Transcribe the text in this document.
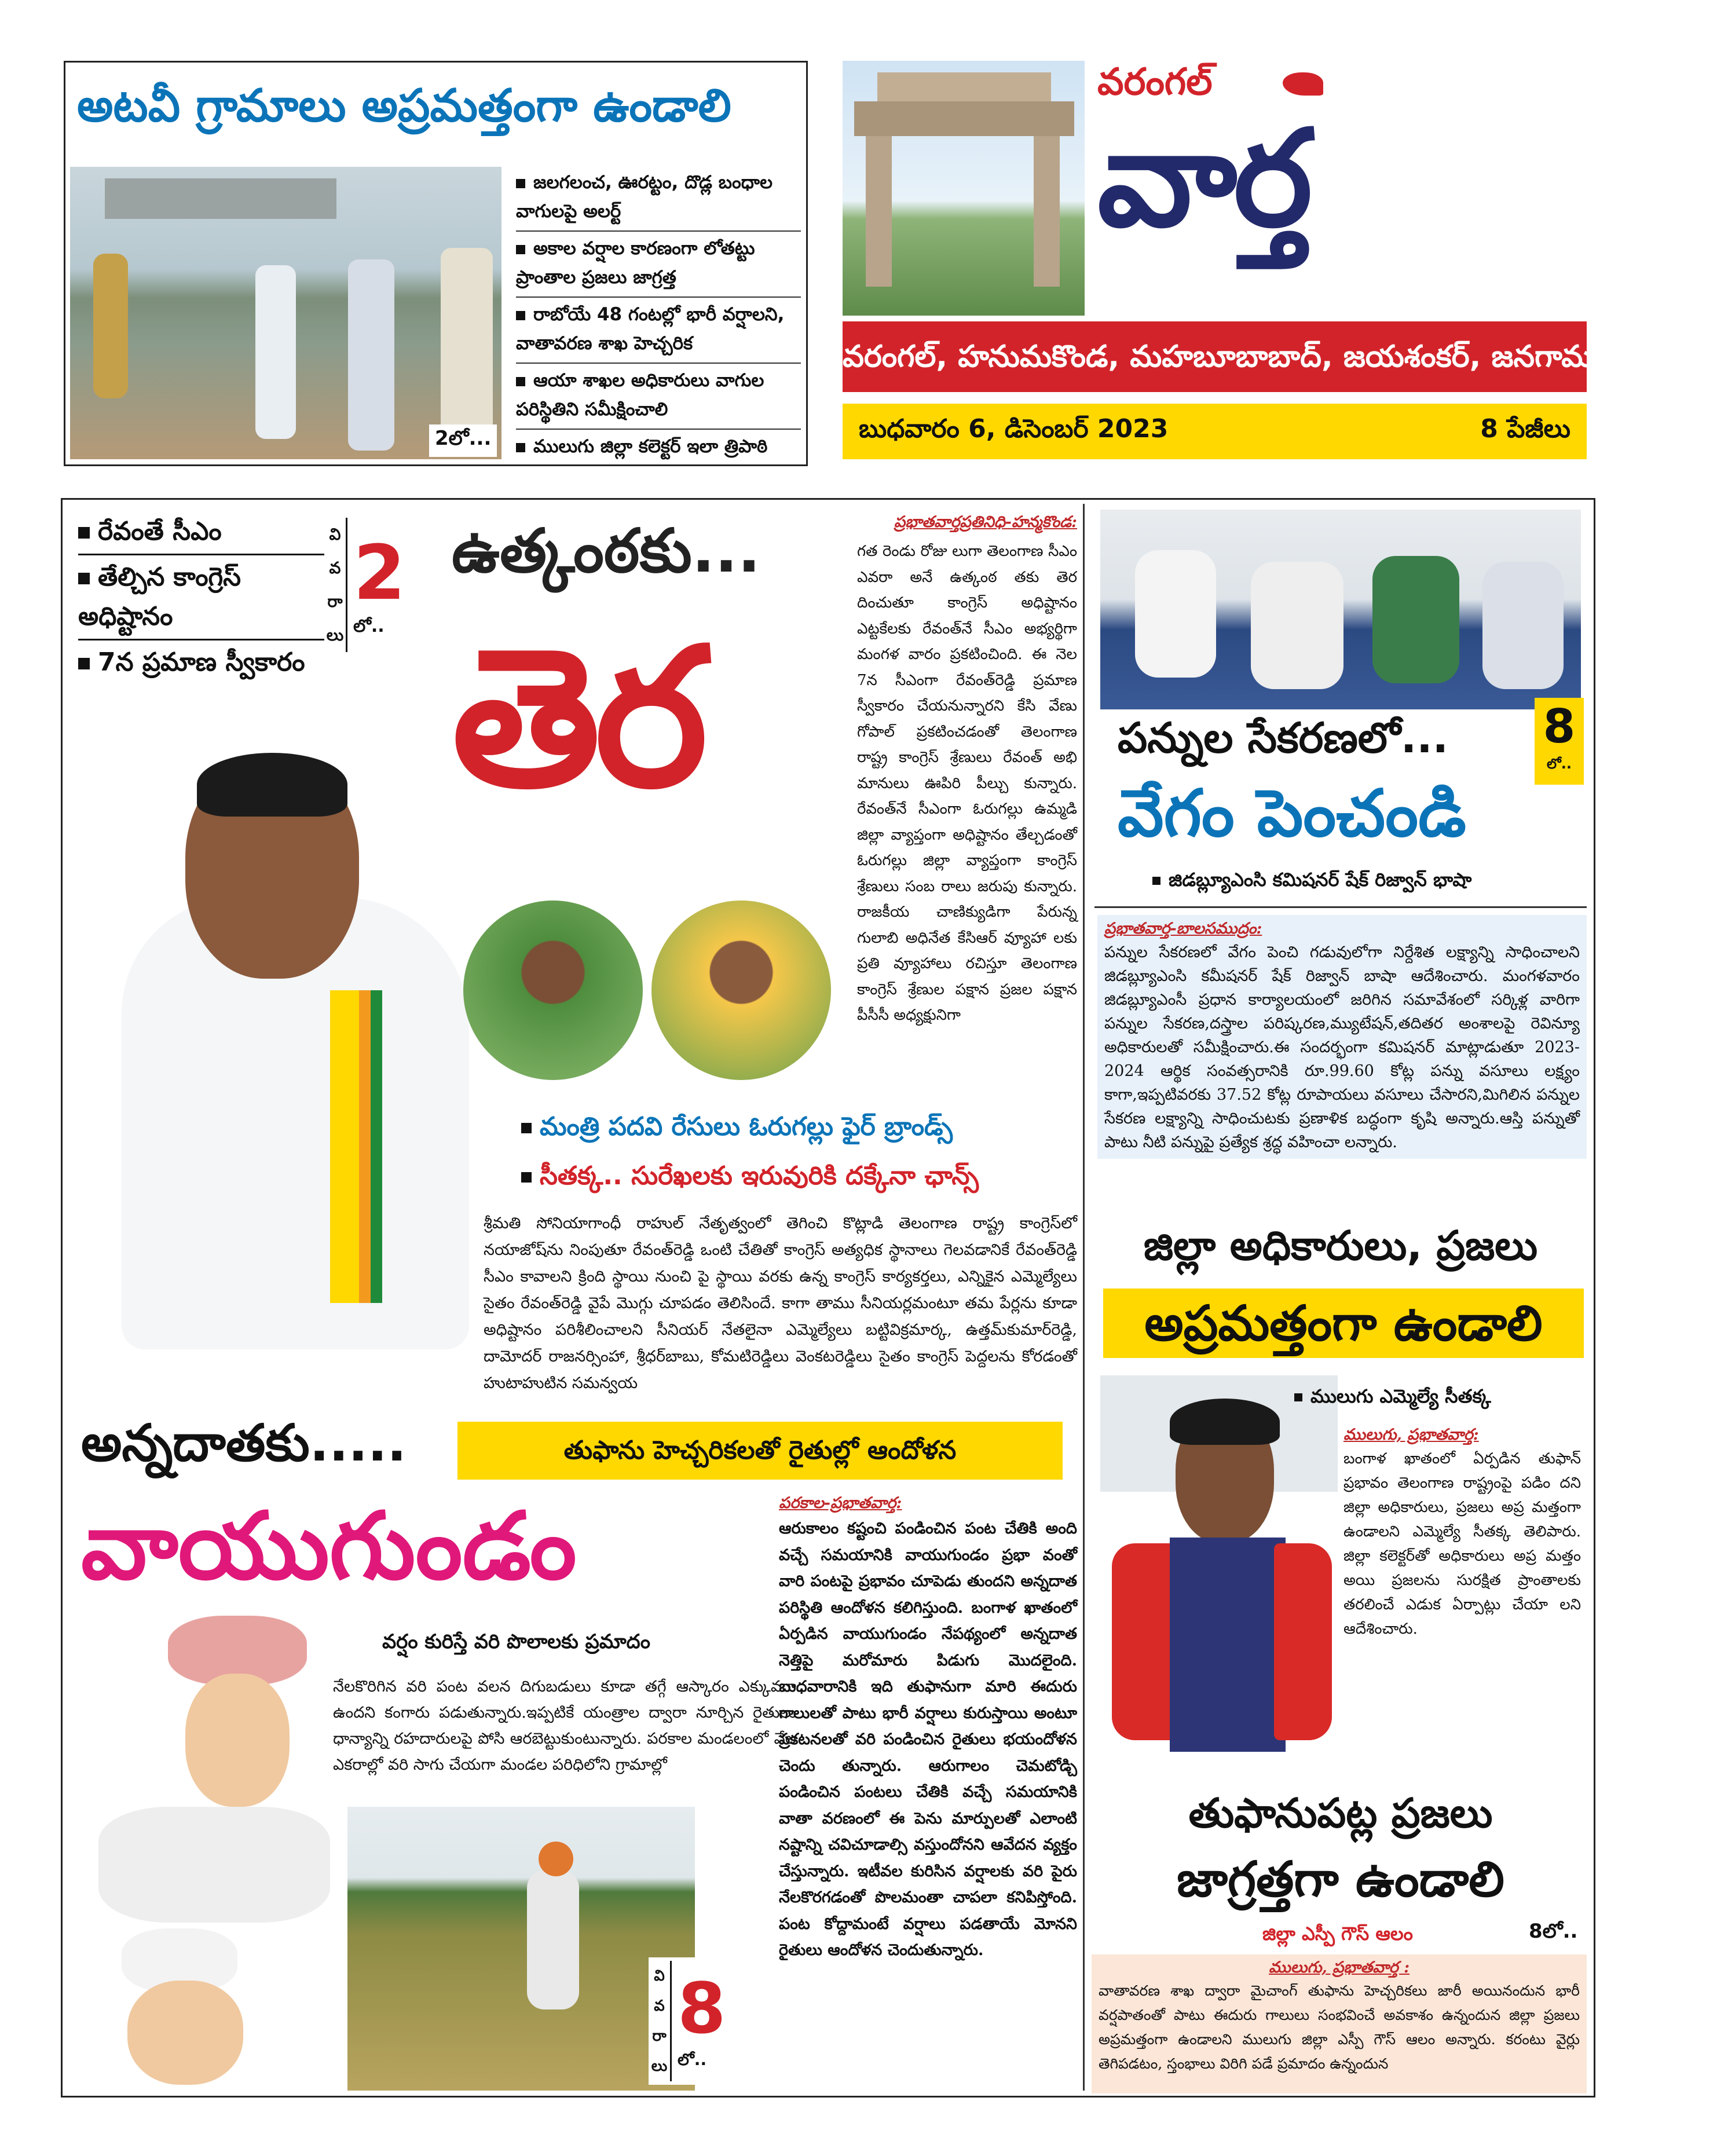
అటవీ గ్రామాలు అప్రమత్తంగా ఉండాలి
2లో...
జలగలంచ, ఊరట్టం, దొడ్ల బంధాల వాగులపై అలర్ట్
అకాల వర్షాల కారణంగా లోతట్టు ప్రాంతాల ప్రజలు జాగ్రత్త
రాబోయే 48 గంటల్లో భారీ వర్షాలని, వాతావరణ శాఖ హెచ్చరిక
ఆయా శాఖల అధికారులు వాగుల పరిస్థితిని సమీక్షించాలి
ములుగు జిల్లా కలెక్టర్ ఇలా త్రిపాఠి
వరంగల్
వార్త
వరంగల్, హనుమకొండ, మహబూబాబాద్, జయశంకర్, జనగామ, ములుగు
బుధవారం 6, డిసెంబర్ 2023	8 పేజీలు
రేవంతే సీఎం
తేల్చిన కాంగ్రెస్ అధిష్టానం
7న ప్రమాణ స్వీకారం
వి
వ
రా
లు
2
లో..
ఉత్కంఠకు...
తెర
ప్రభాతవార్తప్రతినిధి-హన్మకొండ:
గత రెండు రోజు లుగా తెలంగాణ సీఎం ఎవరా అనే ఉత్కంఠ తకు తెర దించుతూ కాంగ్రెస్ అధిష్టానం ఎట్టకేలకు రేవంత్‌నే సీఎం అభ్యర్థిగా మంగళ వారం ప్రకటించింది. ఈ నెల 7న సీఎంగా రేవంత్‌రెడ్డి ప్రమాణ స్వీకారం చేయనున్నారని కేసి వేణు గోపాల్ ప్రకటించడంతో తెలంగాణ రాష్ట్ర కాంగ్రెస్ శ్రేణులు రేవంత్ అభి మానులు ఊపిరి పీల్చు కున్నారు. రేవంత్‌నే సీఎంగా ఓరుగల్లు ఉమ్మడి జిల్లా వ్యాప్తంగా అధిష్టానం తేల్చడంతో ఓరుగల్లు జిల్లా వ్యాప్తంగా కాంగ్రెస్ శ్రేణులు సంబ రాలు జరుపు కున్నారు. రాజకీయ చాణిక్యుడిగా పేరున్న గులాబి అధినేత కేసిఆర్ వ్యూహా లకు ప్రతి వ్యూహాలు రచిస్తూ తెలంగాణ కాంగ్రెస్ శ్రేణుల పక్షాన ప్రజల పక్షాన పీసీసీ అధ్యక్షునిగా
మంత్రి పదవి రేసులు ఓరుగల్లు ఫైర్ బ్రాండ్స్
సీతక్క.. సురేఖలకు ఇరువురికి దక్కేనా ఛాన్స్
శ్రీమతి సోనియాగాంధీ రాహుల్ నేతృత్వంలో తెగించి కొట్లాడి తెలంగాణ రాష్ట్ర కాంగ్రెస్‌లో నయాజోష్‌ను నింపుతూ రేవంత్‌రెడ్డి ఒంటి చేతితో కాంగ్రెస్ అత్యధిక స్థానాలు గెలవడానికే రేవంత్‌రెడ్డి సీఎం కావాలని క్రింది స్థాయి నుంచి పై స్థాయి వరకు ఉన్న కాంగ్రెస్ కార్యకర్తలు, ఎన్నికైన ఎమ్మెల్యేలు సైతం రేవంత్‌రెడ్డి వైపే మొగ్గు చూపడం తెలిసిందే. కాగా తాము సీనియర్లమంటూ తమ పేర్లను కూడా అధిష్టానం పరిశీలించాలని సీనియర్ నేతలైనా ఎమ్మెల్యేలు బట్టివిక్రమార్క, ఉత్తమ్‌కుమార్‌రెడ్డి, దామోదర్ రాజనర్సింహా, శ్రీధర్‌బాబు, కోమటిరెడ్డిలు వెంకటరెడ్డిలు సైతం కాంగ్రెస్ పెద్దలను కోరడంతో హుటాహుటిన సమన్వయ
అన్నదాతకు.....	తుఫాను హెచ్చరికలతో రైతుల్లో ఆందోళన
వాయుగుండం
వర్షం కురిస్తే వరి పొలాలకు ప్రమాదం
నేలకొరిగిన వరి పంట వలన దిగుబడులు కూడా తగ్గే ఆస్కారం ఎక్కువగా ఉందని కంగారు పడుతున్నారు.ఇప్పటికే యంత్రాల ద్వారా నూర్చిన రైతులు ధాన్యాన్ని రహదారులపై పోసి ఆరబెట్టుకుంటున్నారు. పరకాల మండలంలో వేల ఎకరాల్లో వరి సాగు చేయగా మండల పరిధిలోని గ్రామాల్లో
వి
వ
రా
లు
8
లో..
పరకాల-ప్రభాతవార్త:
ఆరుకాలం కష్టంచి పండించిన పంట చేతికి అంది వచ్చే సమయానికి వాయుగుండం ప్రభా వంతో వారి పంటపై ప్రభావం చూపెడు తుందని అన్నదాత పరిస్థితి ఆందోళన కలిగిస్తుంది. బంగాళ ఖాతంలో ఏర్పడిన వాయుగుండం నేపథ్యంలో అన్నదాత నెత్తిపై మరోమారు పిడుగు మొదలైంది. బుధవారానికి ఇది తుఫానుగా మారి ఈదురు గాలులతో పాటు భారీ వర్షాలు కురుస్తాయి అంటూ ప్రకటనలతో వరి పండించిన రైతులు భయందోళన చెందు తున్నారు. ఆరుగాలం చెమటోడ్చి పండించిన పంటలు చేతికి వచ్చే సమయానికి వాతా వరణంలో ఈ పెను మార్పులతో ఎలాంటి నష్టాన్ని చవిచూడాల్సి వస్తుందోనని ఆవేదన వ్యక్తం చేస్తున్నారు. ఇటీవల కురిసిన వర్షాలకు వరి పైరు నేలకొరగడంతో పొలమంతా చాపలా కనిపిస్తోంది. పంట కోద్దామంటే వర్షాలు పడతాయే మోనని రైతులు ఆందోళన చెందుతున్నారు.
పన్నుల సేకరణలో... 8
లో..
వేగం పెంచండి
జిడబ్ల్యూఎంసి కమిషనర్ షేక్ రిజ్వాన్ భాషా
ప్రభాతవార్త-బాలసముద్రం:
పన్నుల సేకరణలో వేగం పెంచి గడువులోగా నిర్దేశిత లక్ష్యాన్ని సాధించాలని జిడబ్ల్యూఎంసి కమీషనర్ షేక్ రిజ్వాన్ బాషా ఆదేశించారు. మంగళవారం జిడబ్ల్యూఎంసీ ప్రధాన కార్యాలయంలో జరిగిన సమావేశంలో సర్కిళ్ల వారిగా పన్నుల సేకరణ,దస్త్రాల పరిష్కరణ,మ్యుటేషన్,తదితర అంశాలపై రెవిన్యూ అధికారులతో సమీక్షించారు.ఈ సందర్భంగా కమిషనర్ మాట్లాడుతూ 2023-2024 ఆర్థిక సంవత్సరానికి రూ.99.60 కోట్ల పన్ను వసూలు లక్ష్యం కాగా,ఇప్పటివరకు 37.52 కోట్ల రూపాయలు వసూలు చేసారని,మిగిలిన పన్నుల సేకరణ లక్ష్యాన్ని సాధించుటకు ప్రణాళిక బద్ధంగా కృషి అన్నారు.ఆస్తి పన్నుతో పాటు నీటి పన్నుపై ప్రత్యేక శ్రద్ధ వహించా లన్నారు.
జిల్లా అధికారులు, ప్రజలు
అప్రమత్తంగా ఉండాలి
ములుగు ఎమ్మెల్యే సీతక్క
ములుగు, ప్రభాతవార్త:
బంగాళ ఖాతంలో ఏర్పడిన తుఫాన్ ప్రభావం తెలంగాణ రాష్ట్రంపై పడిం దని జిల్లా అధికారులు, ప్రజలు అప్ర మత్తంగా ఉండాలని ఎమ్మెల్యే సీతక్క తెలిపారు. జిల్లా కలెక్టర్‌తో అధికారులు అప్ర మత్తం అయి ప్రజలను సురక్షిత ప్రాంతాలకు తరలించే ఎడుక ఏర్పాట్లు చేయా లని ఆదేశించారు.
తుఫానుపట్ల ప్రజలు
జాగ్రత్తగా ఉండాలి
జిల్లా ఎస్పీ గౌస్ ఆలం	8లో..
ములుగు, ప్రభాతవార్త :
వాతావరణ శాఖ ద్వారా మైచాంగ్ తుఫాను హెచ్చరికలు జారీ అయినందున భారీ వర్షపాతంతో పాటు ఈదురు గాలులు సంభవించే అవకాశం ఉన్నందున జిల్లా ప్రజలు అప్రమత్తంగా ఉండాలని ములుగు జిల్లా ఎస్పీ గౌస్ ఆలం అన్నారు. కరంటు వైర్లు తెగిపడటం, స్తంభాలు విరిగి పడే ప్రమాదం ఉన్నందున
